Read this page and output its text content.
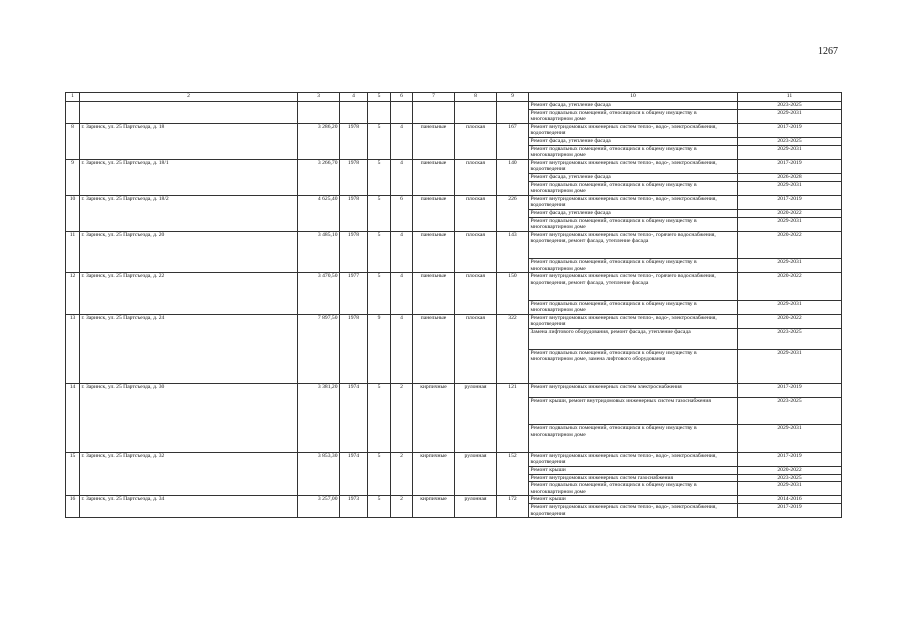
1267
1	2	3	4	5	6	7	8	9	10	11
									Ремонт фасада, утепление фасада	2023-2025
									Ремонт подвальных помещений, относящихся к общему имуществу в многоквартирном доме	2029-2031
8	г. Заринск, ул. 25 Партсъезда, д. 18	3 286,20	1978	5	4	панельные	плоская	167	Ремонт внутридомовых инженерных систем тепло-, водо-, электроснабжения, водоотведения	2017-2019
									Ремонт фасада, утепление фасада	2023-2025
									Ремонт подвальных помещений, относящихся к общему имуществу в многоквартирном доме	2029-2031
9	г. Заринск, ул. 25 Партсъезда, д. 18/1	3 266,70	1978	5	4	панельные	плоская	140	Ремонт внутридомовых инженерных систем тепло-, водо-, электроснабжения, водоотведения	2017-2019
									Ремонт фасада, утепление фасада	2026-2028
									Ремонт подвальных помещений, относящихся к общему имуществу в многоквартирном доме	2029-2031
10	г. Заринск, ул. 25 Партсъезда, д. 18/2	4 625,40	1978	5	6	панельные	плоская	226	Ремонт внутридомовых инженерных систем тепло-, водо-, электроснабжения, водоотведения	2017-2019
									Ремонт фасада, утепление фасада	2020-2022
									Ремонт подвальных помещений, относящихся к общему имуществу в многоквартирном доме	2029-2031
11	г. Заринск, ул. 25 Партсъезда, д. 20	3 485,10	1978	5	4	панельные	плоская	143	Ремонт внутридомовых инженерных систем тепло-, горячего водоснабжения, водоотведения, ремонт фасада, утепление фасада	2020-2022
									Ремонт подвальных помещений, относящихся к общему имуществу в многоквартирном доме	2029-2031
12	г. Заринск, ул. 25 Партсъезда, д. 22	3 470,50	1977	5	4	панельные	плоская	150	Ремонт внутридомовых инженерных систем тепло-, горячего водоснабжения, водоотведения, ремонт фасада, утепление фасада	2020-2022
									Ремонт подвальных помещений, относящихся к общему имуществу в многоквартирном доме	2029-2031
13	г. Заринск, ул. 25 Партсъезда, д. 24	7 897,50	1978	9	4	панельные	плоская	322	Ремонт внутридомовых инженерных систем тепло-, водо-, электроснабжения, водоотведения	2020-2022
									Замена лифтового оборудования, ремонт фасада, утепление фасада	2023-2025
									Ремонт подвальных помещений, относящихся к общему имуществу в многоквартирном доме, замена лифтового оборудования	2029-2031
14	г. Заринск, ул. 25 Партсъезда, д. 30	3 381,20	1974	5	2	кирпичные	рулонная	121	Ремонт внутридомовых инженерных систем электроснабжения	2017-2019
									Ремонт крыши, ремонт внутридомовых инженерных систем газоснабжения	2023-2025
									Ремонт подвальных помещений, относящихся к общему имуществу в многоквартирном доме	2029-2031
15	г. Заринск, ул. 25 Партсъезда, д. 32	3 853,30	1974	5	2	кирпичные	рулонная	152	Ремонт внутридомовых инженерных систем тепло-, водо-, электроснабжения, водоотведения	2017-2019
									Ремонт крыши	2020-2022
									Ремонт внутридомовых инженерных систем газоснабжения	2023-2025
									Ремонт подвальных помещений, относящихся к общему имуществу в многоквартирном доме	2029-2031
16	г. Заринск, ул. 25 Партсъезда, д. 34	3 257,00	1973	5	2	кирпичные	рулонная	172	Ремонт крыши	2014-2016
									Ремонт внутридомовых инженерных систем тепло-, водо-, электроснабжения, водоотведения	2017-2019
